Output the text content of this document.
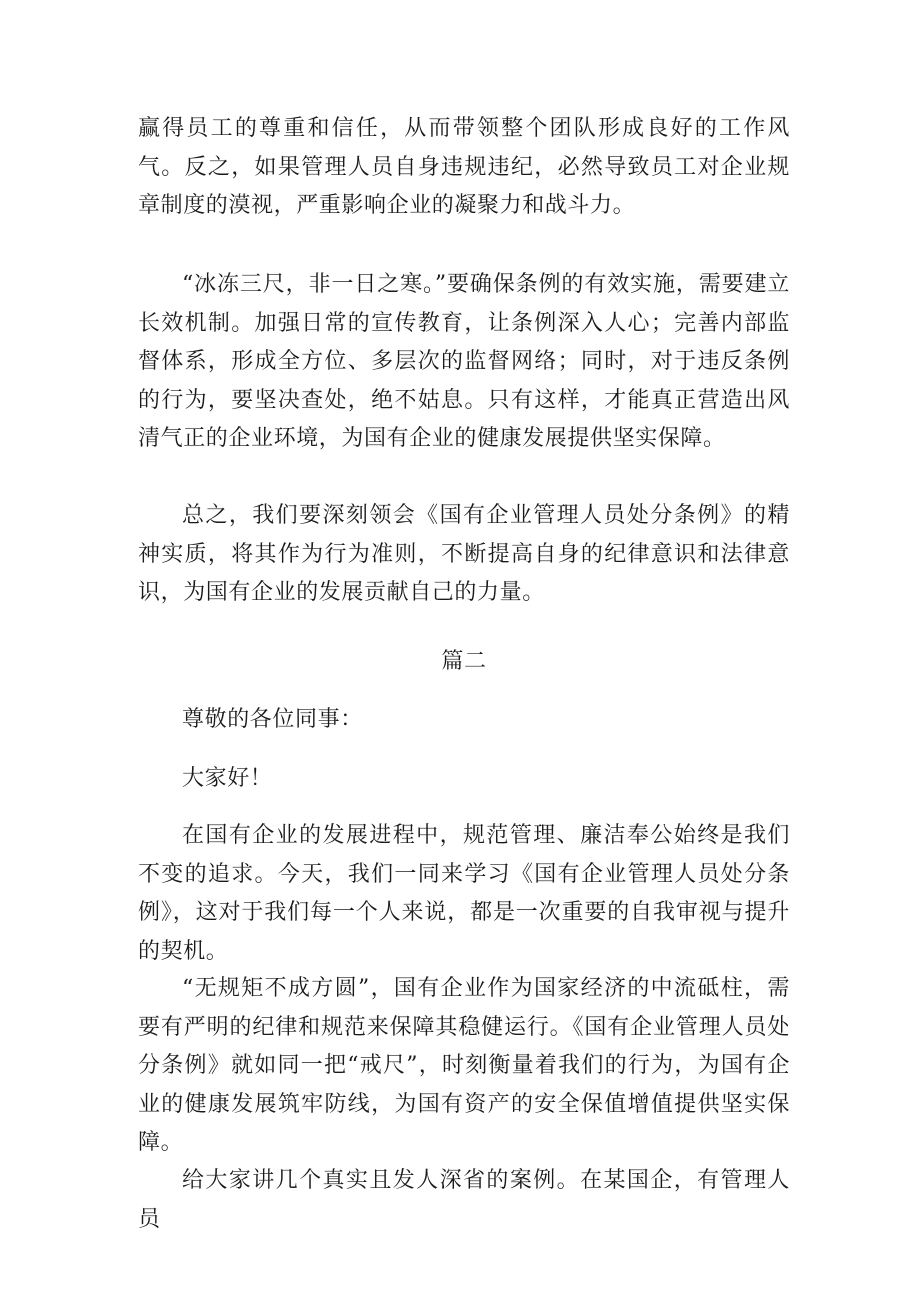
赢得员工的尊重和信任，从而带领整个团队形成良好的工作风气。反之，如果管理人员自身违规违纪，必然导致员工对企业规章制度的漠视，严重影响企业的凝聚力和战斗力。

“冰冻三尺，非一日之寒。”要确保条例的有效实施，需要建立长效机制。加强日常的宣传教育，让条例深入人心；完善内部监督体系，形成全方位、多层次的监督网络；同时，对于违反条例的行为，要坚决查处，绝不姑息。只有这样，才能真正营造出风清气正的企业环境，为国有企业的健康发展提供坚实保障。

总之，我们要深刻领会《国有企业管理人员处分条例》的精神实质，将其作为行为准则，不断提高自身的纪律意识和法律意识，为国有企业的发展贡献自己的力量。

篇二

尊敬的各位同事：

大家好！

在国有企业的发展进程中，规范管理、廉洁奉公始终是我们不变的追求。今天，我们一同来学习《国有企业管理人员处分条例》，这对于我们每一个人来说，都是一次重要的自我审视与提升的契机。

“无规矩不成方圆”，国有企业作为国家经济的中流砥柱，需要有严明的纪律和规范来保障其稳健运行。《国有企业管理人员处分条例》就如同一把“戒尺”，时刻衡量着我们的行为，为国有企业的健康发展筑牢防线，为国有资产的安全保值增值提供坚实保障。

给大家讲几个真实且发人深省的案例。在某国企，有管理人员
